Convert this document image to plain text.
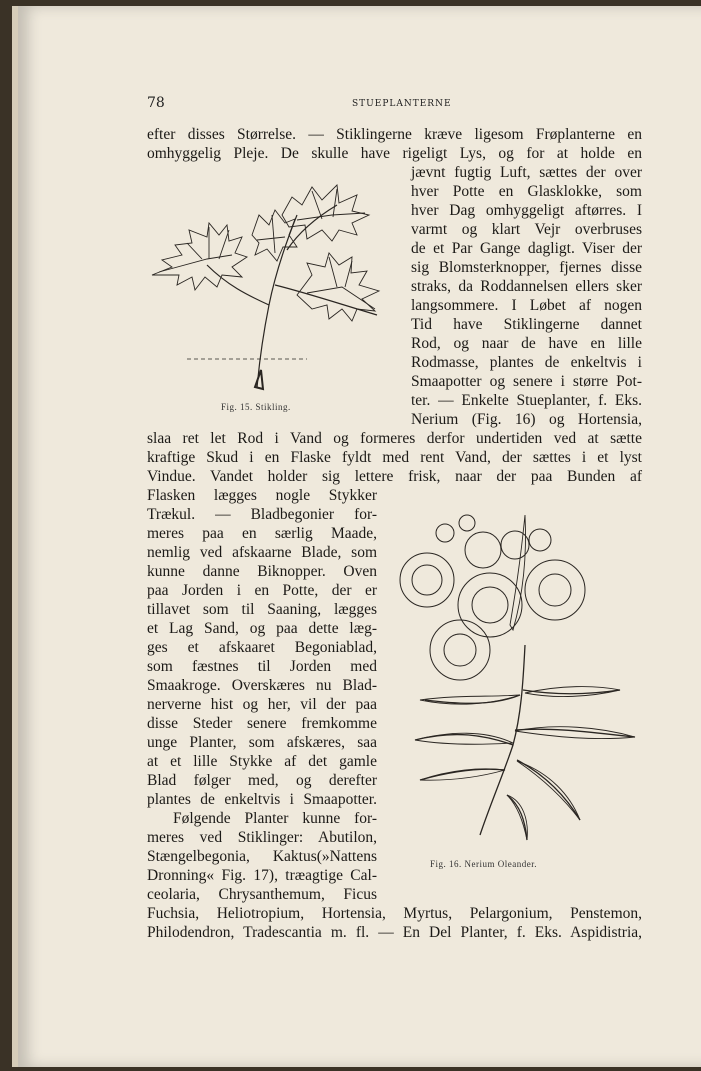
78	STUEPLANTERNE
Fig. 15. Stikling.
Fig. 16. Nerium Oleander.
efter disses Størrelse. — Stiklingerne kræve ligesom Frøplanterne en
omhyggelig Pleje. De skulle have rigeligt Lys, og for at holde en
jævnt fugtig Luft, sættes der over
hver Potte en Glasklokke, som
hver Dag omhyggeligt aftørres. I
varmt og klart Vejr overbruses
de et Par Gange dagligt. Viser der
sig Blomsterknopper, fjernes disse
straks, da Roddannelsen ellers sker
langsommere. I Løbet af nogen
Tid have Stiklingerne dannet
Rod, og naar de have en lille
Rodmasse, plantes de enkeltvis i
Smaapotter og senere i større Pot-
ter. — Enkelte Stueplanter, f. Eks.
Nerium (Fig. 16) og Hortensia,
slaa ret let Rod i Vand og formeres derfor undertiden ved at sætte
kraftige Skud i en Flaske fyldt med rent Vand, der sættes i et lyst
Vindue. Vandet holder sig lettere frisk, naar der paa Bunden af
Flasken lægges nogle Stykker
Trækul. — Bladbegonier for-
meres paa en særlig Maade,
nemlig ved afskaarne Blade, som
kunne danne Biknopper. Oven
paa Jorden i en Potte, der er
tillavet som til Saaning, lægges
et Lag Sand, og paa dette læg-
ges et afskaaret Begoniablad,
som fæstnes til Jorden med
Smaakroge. Overskæres nu Blad-
nerverne hist og her, vil der paa
disse Steder senere fremkomme
unge Planter, som afskæres, saa
at et lille Stykke af det gamle
Blad følger med, og derefter
plantes de enkeltvis i Smaapotter.
Følgende Planter kunne for-
meres ved Stiklinger: Abutilon,
Stængelbegonia, Kaktus(»Nattens
Dronning« Fig. 17), træagtige Cal-
ceolaria, Chrysanthemum, Ficus
Fuchsia, Heliotropium, Hortensia, Myrtus, Pelargonium, Penstemon,
Philodendron, Tradescantia m. fl. — En Del Planter, f. Eks. Aspidistria,
